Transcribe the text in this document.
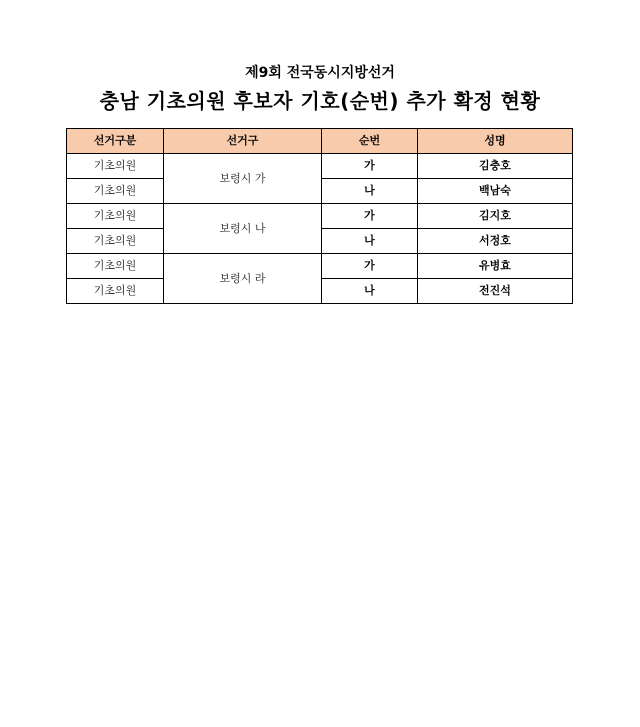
제9회 전국동시지방선거
충남 기초의원 후보자 기호(순번) 추가 확정 현황
선거구분	선거구	순번	성명
기초의원	보령시 가	가	김충호
기초의원		나	백남숙
기초의원	보령시 나	가	김지호
기초의원		나	서정호
기초의원	보령시 라	가	유병효
기초의원		나	전진석
